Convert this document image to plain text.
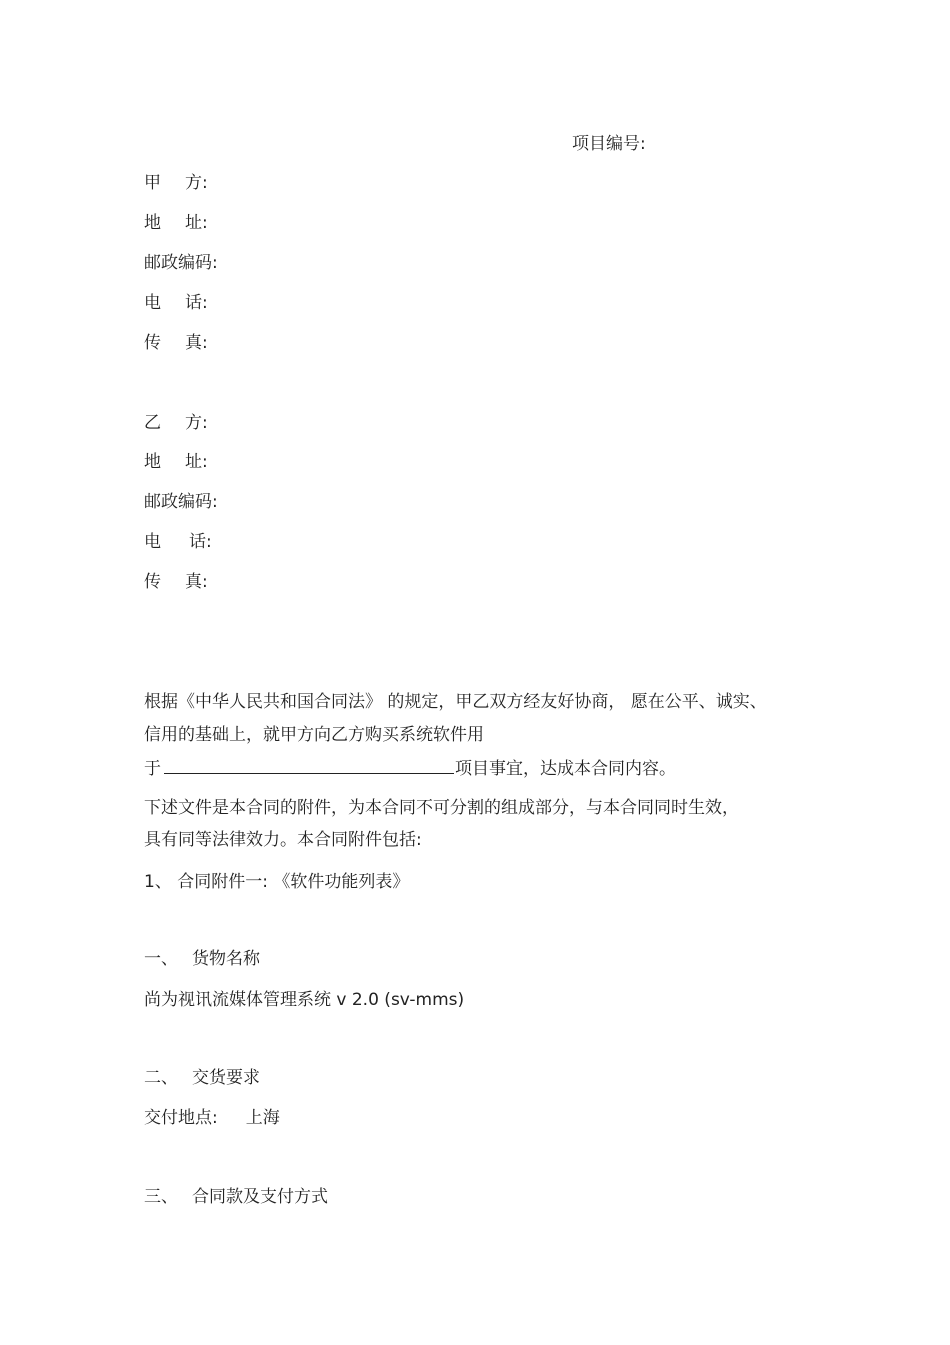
项目编号:
甲 方:
地 址:
邮政编码:
电 话:
传 真:
乙 方:
地 址:
邮政编码:
电 话:
传 真:
根据《中华人民共和国合同法》 的规定，甲乙双方经友好协商， 愿在公平、诚实、
信用的基础上，就甲方向乙方购买系统软件用
于	项目事宜，达成本合同内容。
下述文件是本合同的附件，为本合同不可分割的组成部分，与本合同同时生效，
具有同等法律效力。本合同附件包括:
1、 合同附件一: 《软件功能列表》
一、 货物名称
尚为视讯流媒体管理系统 v 2.0 (sv-mms)
二、 交货要求
交付地点: 上海
三、 合同款及支付方式
